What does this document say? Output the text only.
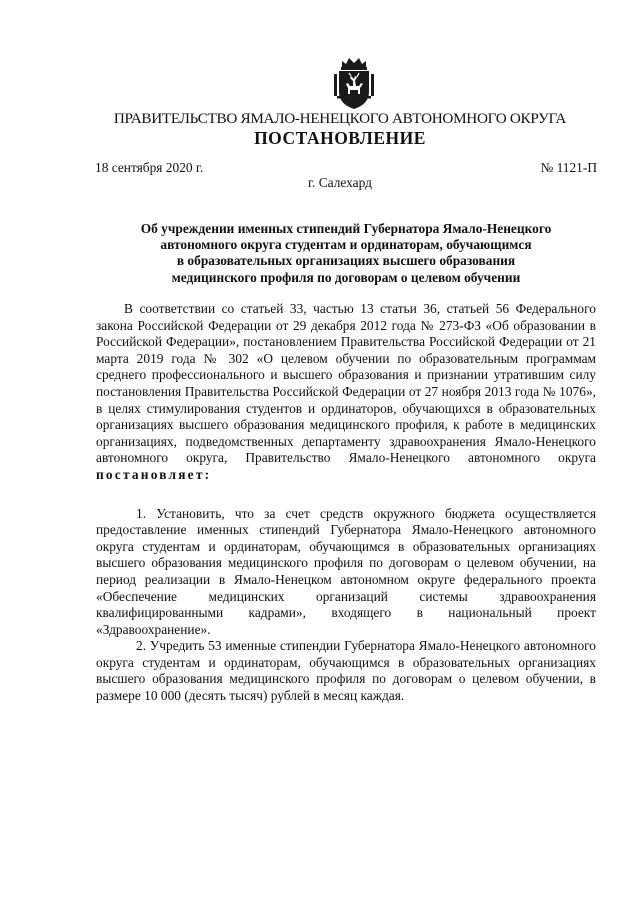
ПРАВИТЕЛЬСТВО ЯМАЛО-НЕНЕЦКОГО АВТОНОМНОГО ОКРУГА
ПОСТАНОВЛЕНИЕ
18 сентября 2020 г.	№ 1121-П
г. Салехард
Об учреждении именных стипендий Губернатора Ямало-Ненецкого
автономного округа студентам и ординаторам, обучающимся
в образовательных организациях высшего образования
медицинского профиля по договорам о целевом обучении

В соответствии со статьей 33, частью 13 статьи 36, статьей 56 Федерального закона Российской Федерации от 29 декабря 2012 года № 273-ФЗ «Об образовании в Российской Федерации», постановлением Правительства Российской Федерации от 21 марта 2019 года № 302 «О целевом обучении по образовательным программам среднего профессионального и высшего образования и признании утратившим силу постановления Правительства Российской Федерации от 27 ноября 2013 года № 1076», в целях стимулирования студентов и ординаторов, обучающихся в образовательных организациях высшего образования медицинского профиля, к работе в медицинских организациях, подведомственных департаменту здравоохранения Ямало-Ненецкого автономного округа, Правительство Ямало-Ненецкого автономного округа постановляет:

1. Установить, что за счет средств окружного бюджета осуществляется предоставление именных стипендий Губернатора Ямало-Ненецкого автономного округа студентам и ординаторам, обучающимся в образовательных организациях высшего образования медицинского профиля по договорам о целевом обучении, на период реализации в Ямало-Ненецком автономном округе федерального проекта «Обеспечение медицинских организаций системы здравоохранения квалифицированными кадрами», входящего в национальный проект «Здравоохранение».

2. Учредить 53 именные стипендии Губернатора Ямало-Ненецкого автономного округа студентам и ординаторам, обучающимся в образовательных организациях высшего образования медицинского профиля по договорам о целевом обучении, в размере 10 000 (десять тысяч) рублей в месяц каждая.
